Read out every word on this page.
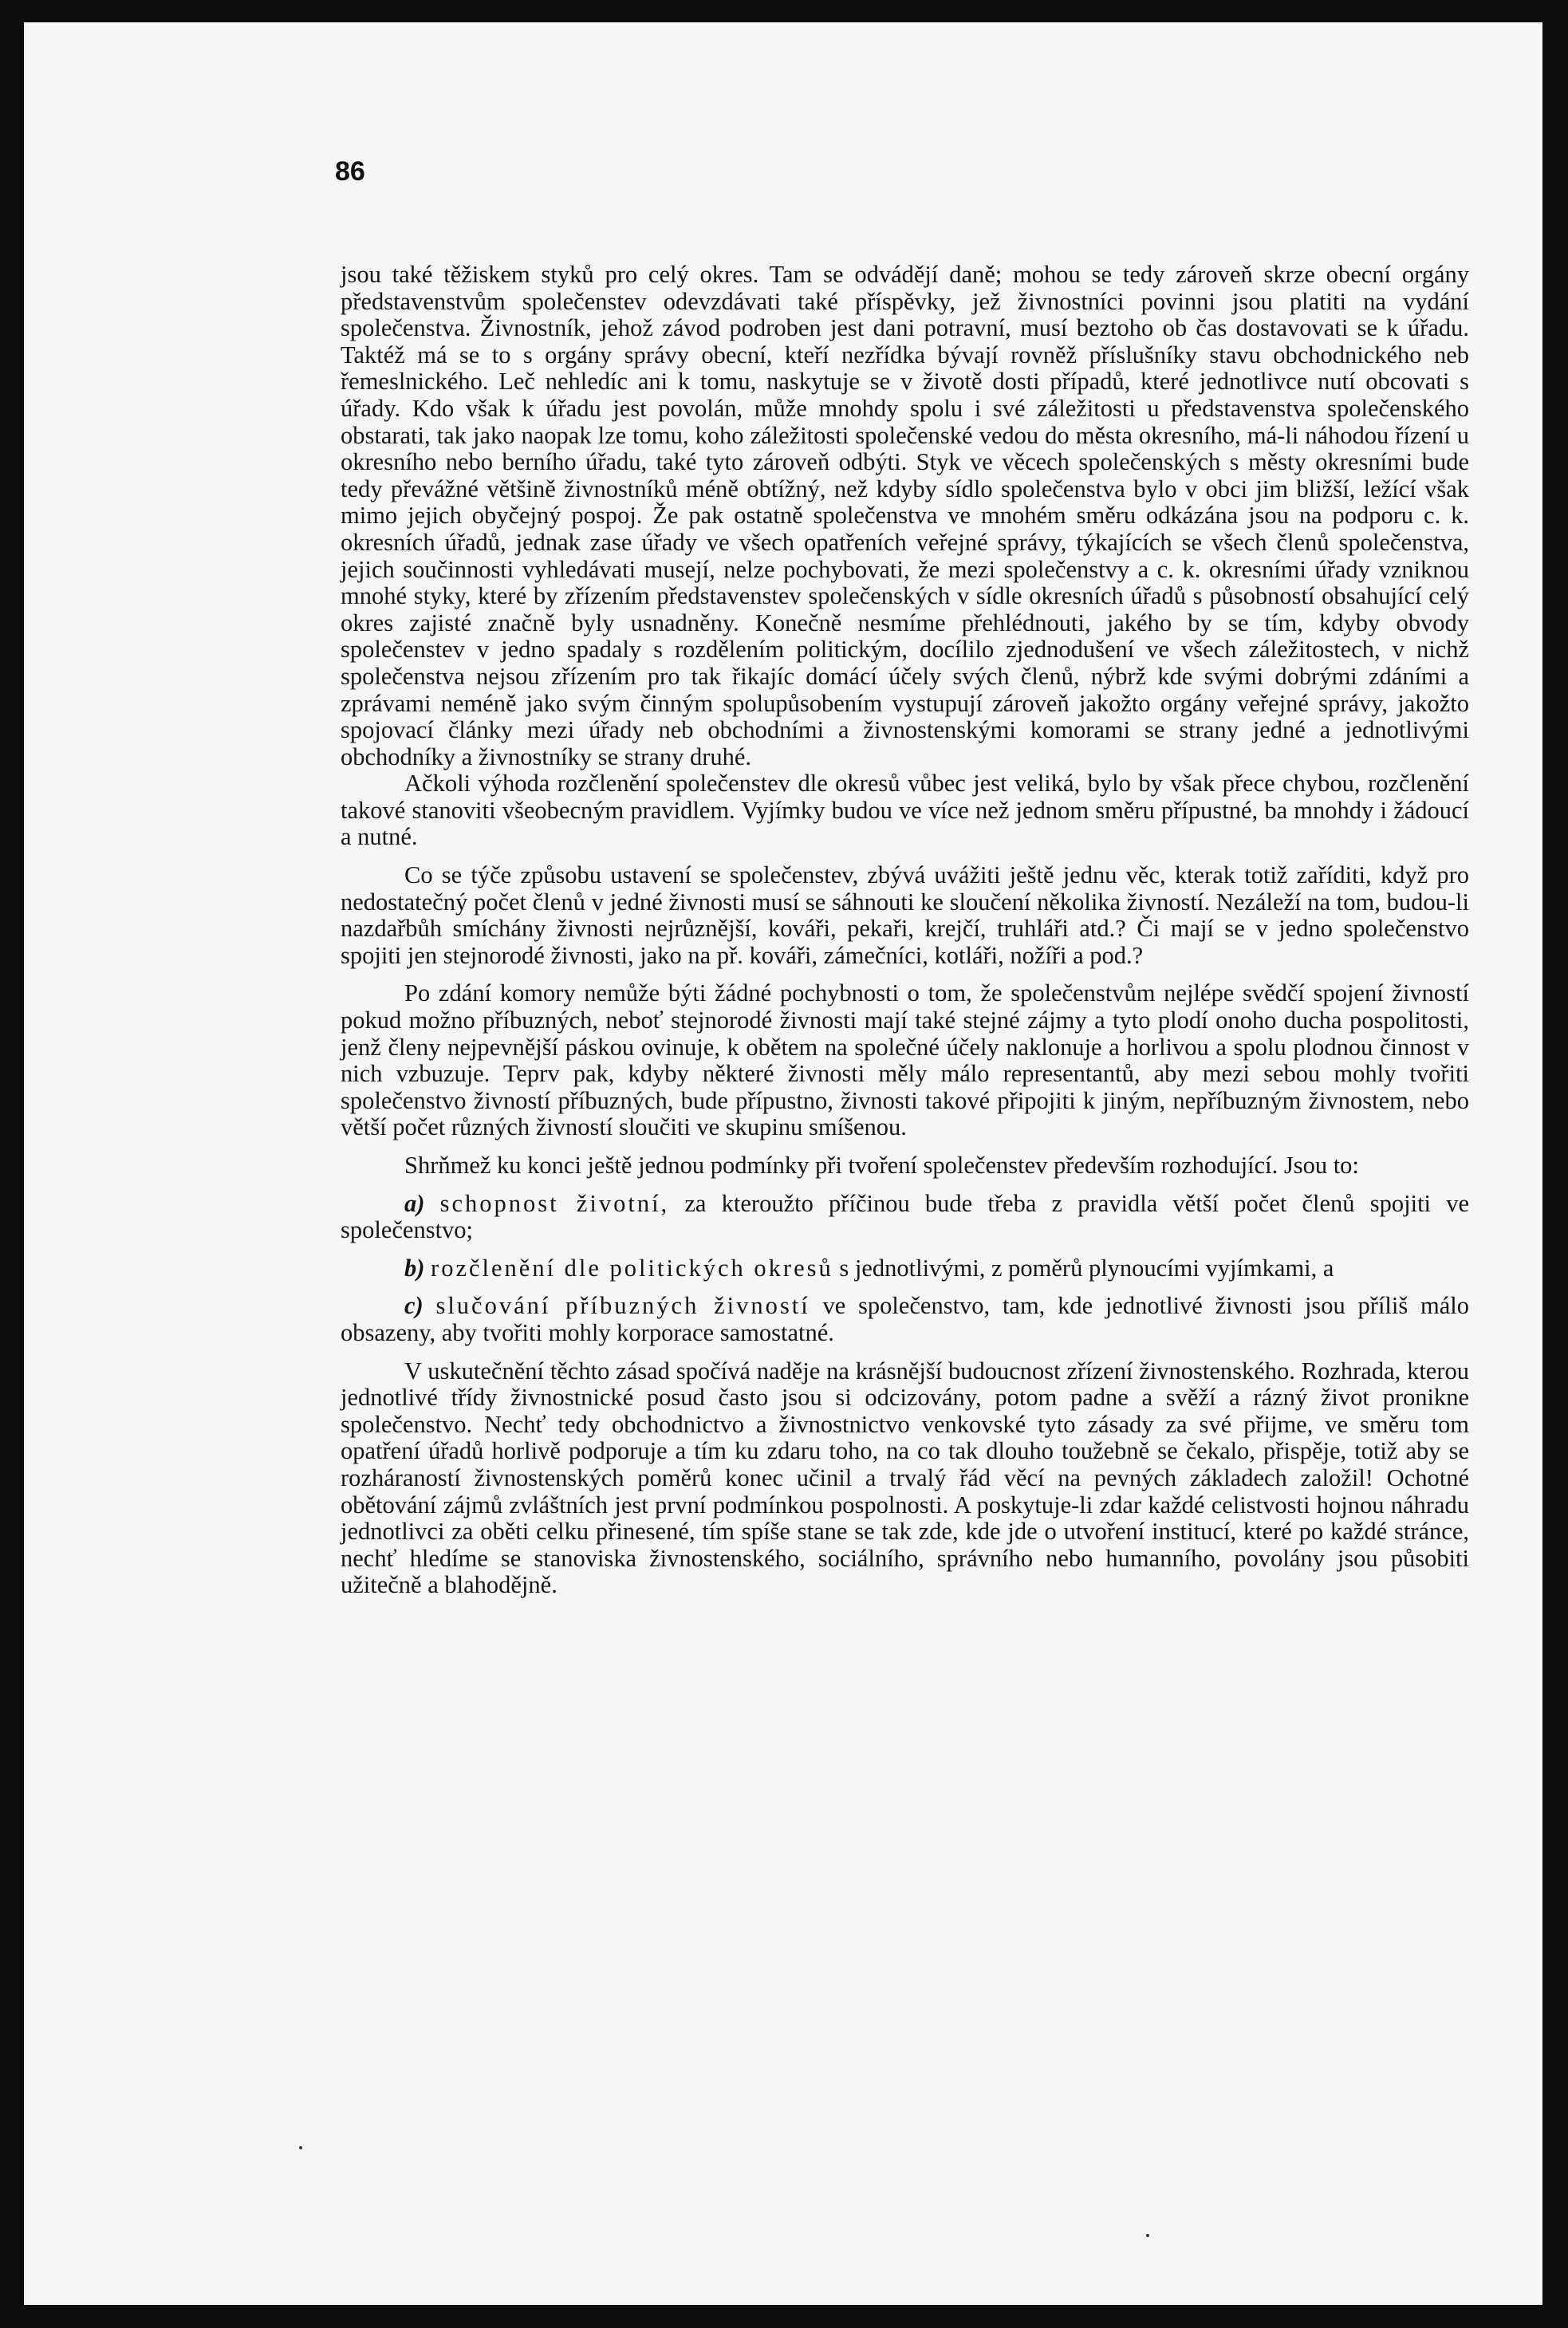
86

jsou také těžiskem styků pro celý okres. Tam se odvádějí daně; mohou se tedy zároveň skrze obecní orgány představenstvům společenstev odevzdávati také příspěvky, jež živnostníci povinni jsou platiti na vydání společenstva. Živnostník, jehož závod podroben jest dani potravní, musí beztoho ob čas dostavovati se k úřadu. Taktéž má se to s orgány správy obecní, kteří nezřídka bývají rovněž příslušníky stavu obchodnického neb řemeslnického. Leč nehledíc ani k tomu, naskytuje se v životě dosti případů, které jednotlivce nutí obcovati s úřady. Kdo však k úřadu jest povolán, může mnohdy spolu i své záležitosti u představenstva společenského obstarati, tak jako naopak lze tomu, koho záležitosti společenské vedou do města okresního, má-li náhodou řízení u okresního nebo berního úřadu, také tyto zároveň odbýti. Styk ve věcech společenských s městy okresními bude tedy převážné většině živnostníků méně obtížný, než kdyby sídlo společenstva bylo v obci jim bližší, ležící však mimo jejich obyčejný pospoj. Že pak ostatně společenstva ve mnohém směru odkázána jsou na podporu c. k. okresních úřadů, jednak zase úřady ve všech opatřeních veřejné správy, týkajících se všech členů společenstva, jejich součinnosti vyhledávati musejí, nelze pochybovati, že mezi společenstvy a c. k. okresními úřady vzniknou mnohé styky, které by zřízením představenstev společenských v sídle okresních úřadů s působností obsahující celý okres zajisté značně byly usnadněny. Konečně nesmíme přehlédnouti, jakého by se tím, kdyby obvody společenstev v jedno spadaly s rozdělením politickým, docílilo zjednodušení ve všech záležitostech, v nichž společenstva nejsou zřízením pro tak řikajíc domácí účely svých členů, nýbrž kde svými dobrými zdáními a zprávami neméně jako svým činným spolupůsobením vystupují zároveň jakožto orgány veřejné správy, jakožto spojovací články mezi úřady neb obchodními a živnostenskými komorami se strany jedné a jednotlivými obchodníky a živnostníky se strany druhé.

Ačkoli výhoda rozčlenění společenstev dle okresů vůbec jest veliká, bylo by však přece chybou, rozčlenění takové stanoviti všeobecným pravidlem. Vyjímky budou ve více než jednom směru přípustné, ba mnohdy i žádoucí a nutné.

Co se týče způsobu ustavení se společenstev, zbývá uvážiti ještě jednu věc, kterak totiž zaříditi, když pro nedostatečný počet členů v jedné živnosti musí se sáhnouti ke sloučení několika živností. Nezáleží na tom, budou-li nazdařbůh smíchány živnosti nejrůznější, kováři, pekaři, krejčí, truhláři atd.? Či mají se v jedno společenstvo spojiti jen stejnorodé živnosti, jako na př. kováři, zámečníci, kotláři, nožíři a pod.?

Po zdání komory nemůže býti žádné pochybnosti o tom, že společenstvům nejlépe svědčí spojení živností pokud možno příbuzných, neboť stejnorodé živnosti mají také stejné zájmy a tyto plodí onoho ducha pospolitosti, jenž členy nejpevnější páskou ovinuje, k obětem na společné účely naklonuje a horlivou a spolu plodnou činnost v nich vzbuzuje. Teprv pak, kdyby některé živnosti měly málo representantů, aby mezi sebou mohly tvořiti společenstvo živností příbuzných, bude přípustno, živnosti takové připojiti k jiným, nepříbuzným živnostem, nebo větší počet různých živností sloučiti ve skupinu smíšenou.

Shrňmež ku konci ještě jednou podmínky při tvoření společenstev především rozhodující. Jsou to:

a) schopnost životní, za kteroužto příčinou bude třeba z pravidla větší počet členů spojiti ve společenstvo;

b) rozčlenění dle politických okresů s jednotlivými, z poměrů plynoucími vyjímkami, a

c) slučování příbuzných živností ve společenstvo, tam, kde jednotlivé živnosti jsou příliš málo obsazeny, aby tvořiti mohly korporace samostatné.

V uskutečnění těchto zásad spočívá naděje na krásnější budoucnost zřízení živnostenského. Rozhrada, kterou jednotlivé třídy živnostnické posud často jsou si odcizovány, potom padne a svěží a rázný život pronikne společenstvo. Nechť tedy obchodnictvo a živnostnictvo venkovské tyto zásady za své přijme, ve směru tom opatření úřadů horlivě podporuje a tím ku zdaru toho, na co tak dlouho toužebně se čekalo, přispěje, totiž aby se rozháraností živnostenských poměrů konec učinil a trvalý řád věcí na pevných základech založil! Ochotné obětování zájmů zvláštních jest první podmínkou pospolnosti. A poskytuje-li zdar každé celistvosti hojnou náhradu jednotlivci za oběti celku přinesené, tím spíše stane se tak zde, kde jde o utvoření institucí, které po každé stránce, nechť hledíme se stanoviska živnostenského, sociálního, správního nebo humanního, povolány jsou působiti užitečně a blahodějně.
